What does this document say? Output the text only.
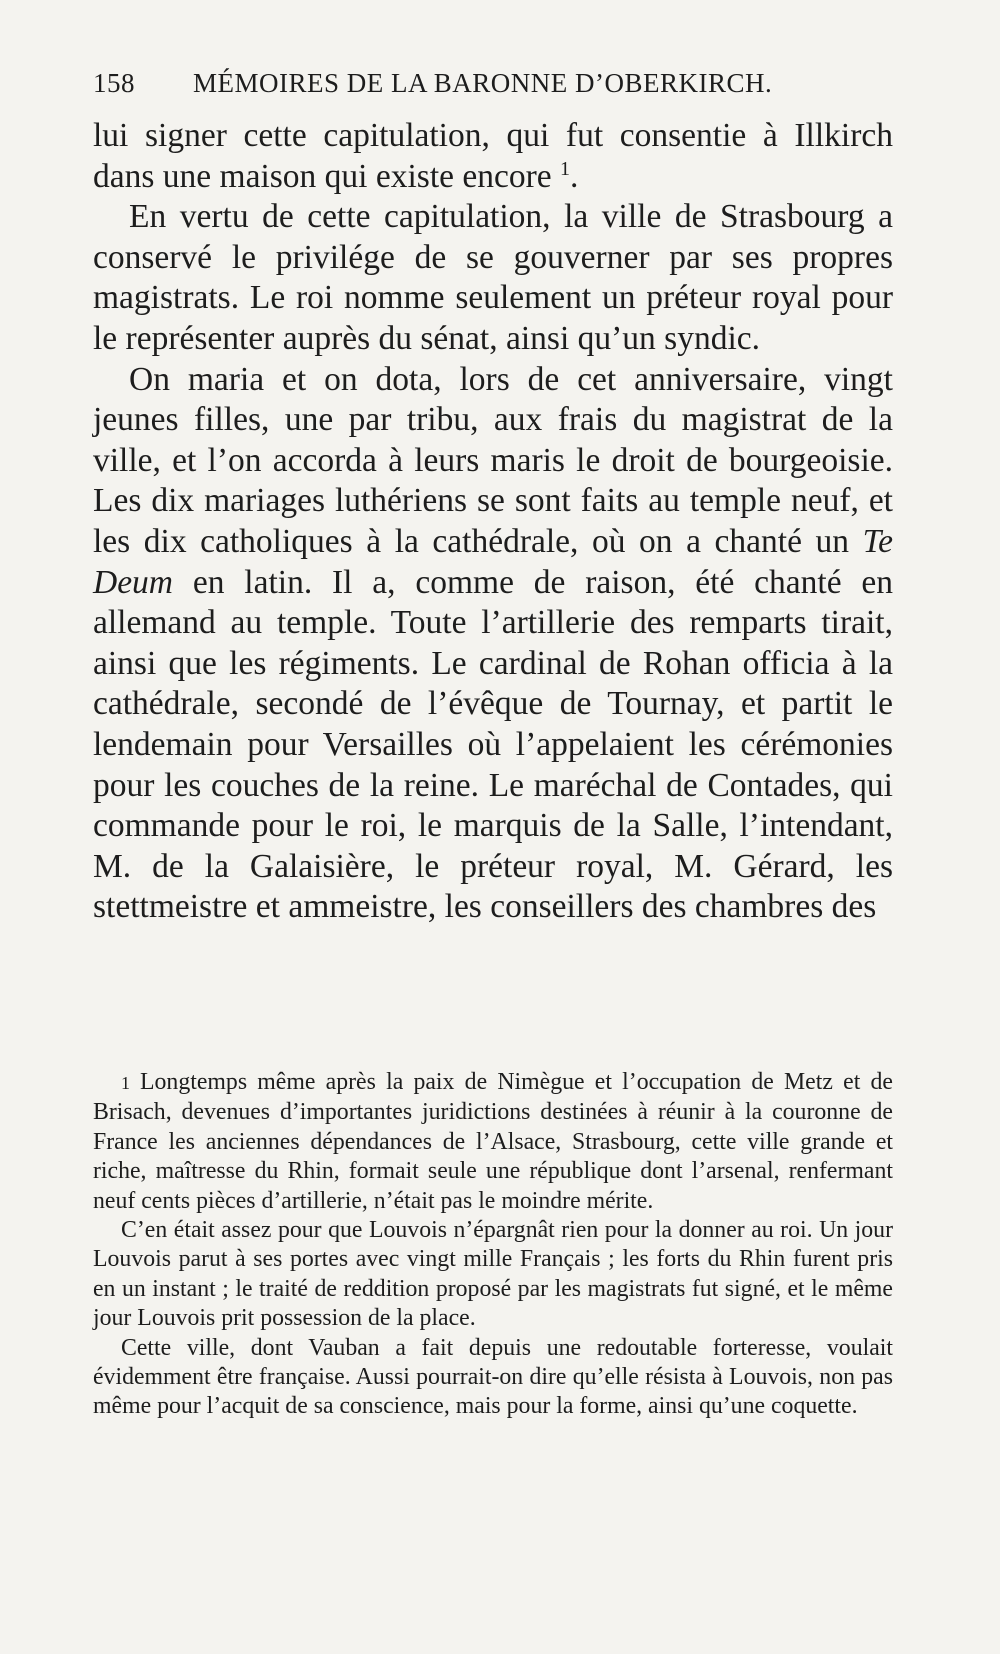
158 MÉMOIRES DE LA BARONNE D’OBERKIRCH.

lui signer cette capitulation, qui fut consentie à Illkirch dans une maison qui existe encore $^1$.

En vertu de cette capitulation, la ville de Strasbourg a conservé le privilége de se gouverner par ses propres magistrats. Le roi nomme seulement un préteur royal pour le représenter auprès du sénat, ainsi qu’un syndic.

On maria et on dota, lors de cet anniversaire, vingt jeunes filles, une par tribu, aux frais du magistrat de la ville, et l’on accorda à leurs maris le droit de bourgeoisie. Les dix mariages luthériens se sont faits au temple neuf, et les dix catholiques à la cathédrale, où on a chanté un Te Deum en latin. Il a, comme de raison, été chanté en allemand au temple. Toute l’artillerie des remparts tirait, ainsi que les régiments. Le cardinal de Rohan officia à la cathédrale, secondé de l’évêque de Tournay, et partit le lendemain pour Versailles où l’appelaient les cérémonies pour les couches de la reine. Le maréchal de Contades, qui commande pour le roi, le marquis de la Salle, l’intendant, M. de la Galaisière, le préteur royal, M. Gérard, les stettmeistre et ammeistre, les conseillers des chambres des

1 Longtemps même après la paix de Nimègue et l’occupation de Metz et de Brisach, devenues d’importantes juridictions destinées à réunir à la couronne de France les anciennes dépendances de l’Alsace, Strasbourg, cette ville grande et riche, maîtresse du Rhin, formait seule une république dont l’arsenal, renfermant neuf cents pièces d’artillerie, n’était pas le moindre mérite.

C’en était assez pour que Louvois n’épargnât rien pour la donner au roi. Un jour Louvois parut à ses portes avec vingt mille Français ; les forts du Rhin furent pris en un instant ; le traité de reddition proposé par les magistrats fut signé, et le même jour Louvois prit possession de la place.

Cette ville, dont Vauban a fait depuis une redoutable forteresse, voulait évidemment être française. Aussi pourrait-on dire qu’elle résista à Louvois, non pas même pour l’acquit de sa conscience, mais pour la forme, ainsi qu’une coquette.
